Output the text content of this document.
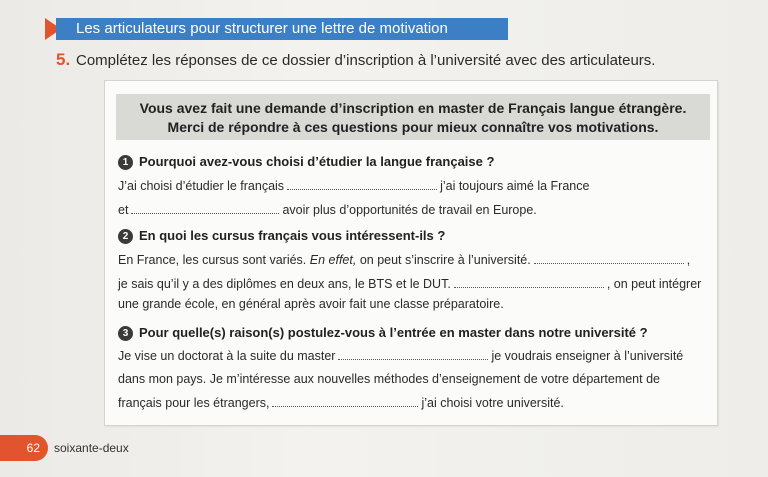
Les articulateurs pour structurer une lettre de motivation
5. Complétez les réponses de ce dossier d’inscription à l’université avec des articulateurs.
Vous avez fait une demande d’inscription en master de Français langue étrangère.
Merci de répondre à ces questions pour mieux connaître vos motivations.
1 Pourquoi avez-vous choisi d’étudier la langue française ?
J’ai choisi d’étudier le français	j’ai toujours aimé la France
et	avoir plus d’opportunités de travail en Europe.
2 En quoi les cursus français vous intéressent-ils ?
En France, les cursus sont variés. En effet, on peut s’inscrire à l’université.	,
je sais qu’il y a des diplômes en deux ans, le BTS et le DUT.	, on peut intégrer
une grande école, en général après avoir fait une classe préparatoire.
3 Pour quelle(s) raison(s) postulez-vous à l’entrée en master dans notre université ?
Je vise un doctorat à la suite du master	je voudrais enseigner à l’université
dans mon pays. Je m’intéresse aux nouvelles méthodes d’enseignement de votre département de
français pour les étrangers,	j’ai choisi votre université.
62	soixante-deux
